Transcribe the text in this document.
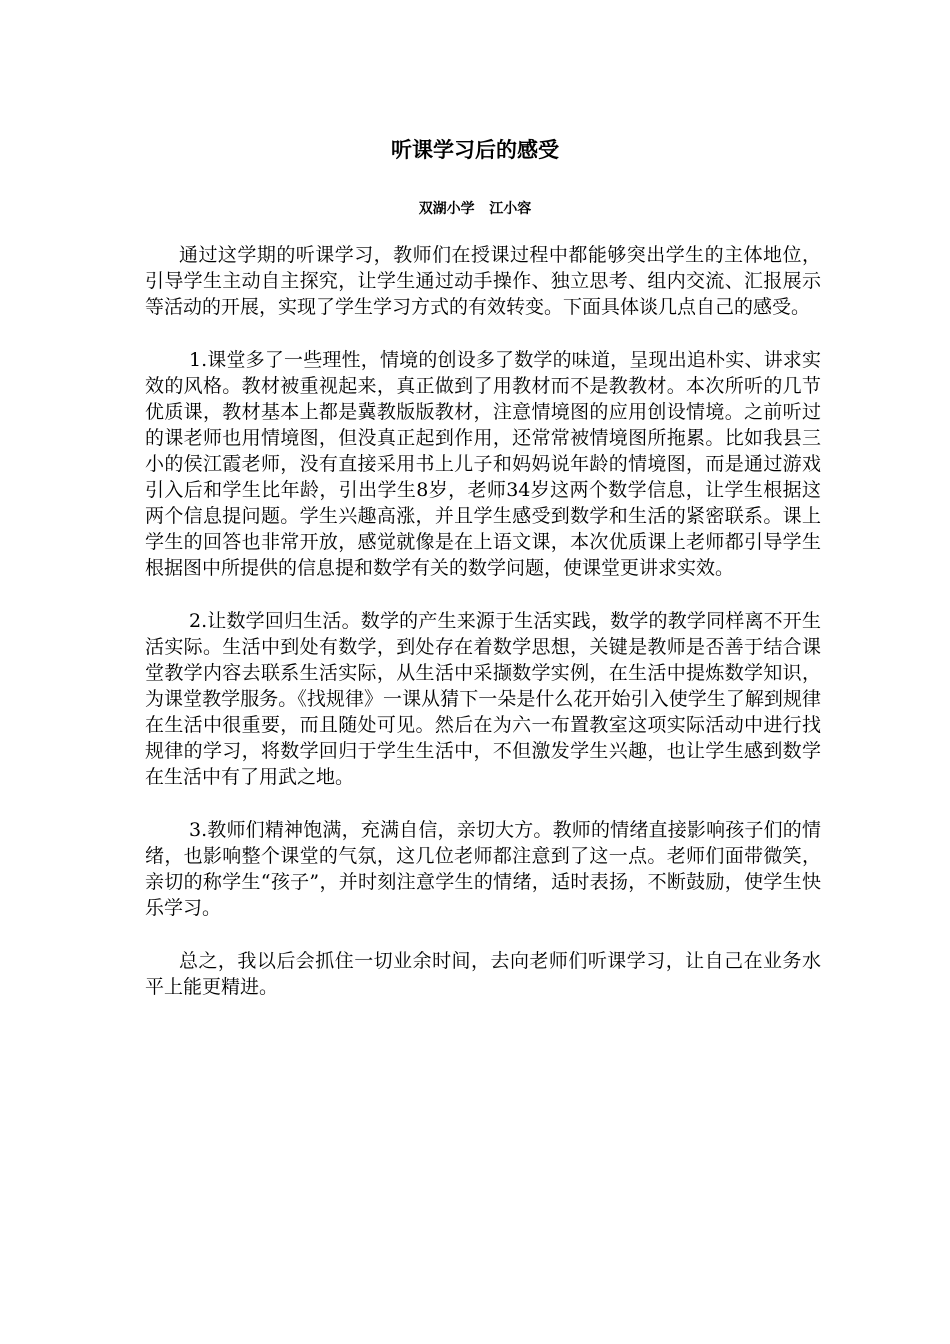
听课学习后的感受
双湖小学   江小容

通过这学期的听课学习，教师们在授课过程中都能够突出学生的主体地位，引导学生主动自主探究，让学生通过动手操作、独立思考、组内交流、汇报展示等活动的开展，实现了学生学习方式的有效转变。下面具体谈几点自己的感受。

1.课堂多了一些理性，情境的创设多了数学的味道，呈现出追朴实、讲求实效的风格。教材被重视起来，真正做到了用教材而不是教教材。本次所听的几节优质课，教材基本上都是冀教版版教材，注意情境图的应用创设情境。之前听过的课老师也用情境图，但没真正起到作用，还常常被情境图所拖累。比如我县三小的侯江霞老师，没有直接采用书上儿子和妈妈说年龄的情境图，而是通过游戏引入后和学生比年龄，引出学生8岁，老师34岁这两个数学信息，让学生根据这两个信息提问题。学生兴趣高涨，并且学生感受到数学和生活的紧密联系。课上学生的回答也非常开放，感觉就像是在上语文课，本次优质课上老师都引导学生根据图中所提供的信息提和数学有关的数学问题，使课堂更讲求实效。

2.让数学回归生活。数学的产生来源于生活实践，数学的教学同样离不开生活实际。生活中到处有数学，到处存在着数学思想，关键是教师是否善于结合课堂教学内容去联系生活实际，从生活中采撷数学实例，在生活中提炼数学知识，为课堂教学服务。《找规律》一课从猜下一朵是什么花开始引入使学生了解到规律在生活中很重要，而且随处可见。然后在为六一布置教室这项实际活动中进行找规律的学习，将数学回归于学生生活中，不但激发学生兴趣，也让学生感到数学在生活中有了用武之地。

3.教师们精神饱满，充满自信，亲切大方。教师的情绪直接影响孩子们的情绪，也影响整个课堂的气氛，这几位老师都注意到了这一点。老师们面带微笑，亲切的称学生“孩子”，并时刻注意学生的情绪，适时表扬，不断鼓励，使学生快乐学习。

总之，我以后会抓住一切业余时间，去向老师们听课学习，让自己在业务水平上能更精进。
